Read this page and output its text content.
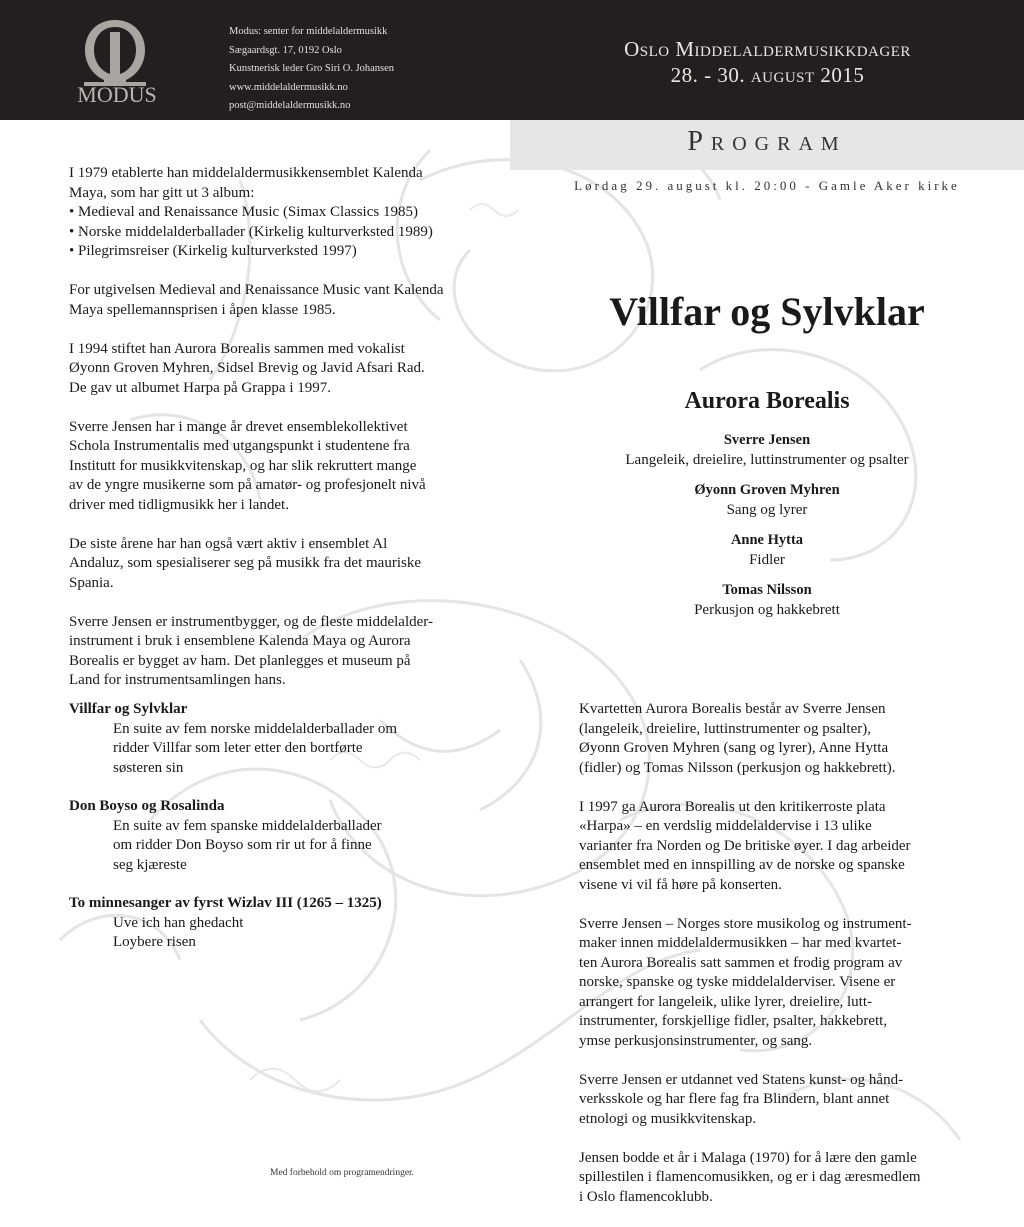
MODUS
Modus: senter for middelaldermusikk
Sægaardsgt. 17, 0192 Oslo
Kunstnerisk leder Gro Siri O. Johansen
www.middelaldermusikk.no
post@middelaldermusikk.no
Oslo Middelaldermusikkdager
28. - 30. august 2015
Program
Lørdag 29. august kl. 20:00 - Gamle Aker kirke
Villfar og Sylvklar
Aurora Borealis
Sverre Jensen
Langeleik, dreielire, luttinstrumenter og psalter
Øyonn Groven Myhren
Sang og lyrer
Anne Hytta
Fidler
Tomas Nilsson
Perkusjon og hakkebrett

I 1979 etablerte han middelaldermusikkensemblet Kalenda
Maya, som har gitt ut 3 album:
• Medieval and Renaissance Music (Simax Classics 1985)
• Norske middelalderballader (Kirkelig kulturverksted 1989)
• Pilegrimsreiser (Kirkelig kulturverksted 1997)

For utgivelsen Medieval and Renaissance Music vant Kalenda
Maya spellemannsprisen i åpen klasse 1985.

I 1994 stiftet han Aurora Borealis sammen med vokalist
Øyonn Groven Myhren, Sidsel Brevig og Javid Afsari Rad.
De gav ut albumet Harpa på Grappa i 1997.

Sverre Jensen har i mange år drevet ensemblekollektivet
Schola Instrumentalis med utgangspunkt i studentene fra
Institutt for musikkvitenskap, og har slik rekruttert mange
av de yngre musikerne som på amatør- og profesjonelt nivå
driver med tidligmusikk her i landet.

De siste årene har han også vært aktiv i ensemblet Al
Andaluz, som spesialiserer seg på musikk fra det mauriske
Spania.

Sverre Jensen er instrumentbygger, og de fleste middelalder-
instrument i bruk i ensemblene Kalenda Maya og Aurora
Borealis er bygget av ham. Det planlegges et museum på
Land for instrumentsamlingen hans.

Villfar og Sylvklar
En suite av fem norske middelalderballader om
ridder Villfar som leter etter den bortførte
søsteren sin
Don Boyso og Rosalinda
En suite av fem spanske middelalderballader
om ridder Don Boyso som rir ut for å finne
seg kjæreste
To minnesanger av fyrst Wizlav III (1265 – 1325)
Uve ich han ghedacht
Loybere risen

Kvartetten Aurora Borealis består av Sverre Jensen
(langeleik, dreielire, luttinstrumenter og psalter),
Øyonn Groven Myhren (sang og lyrer), Anne Hytta
(fidler) og Tomas Nilsson (perkusjon og hakkebrett).

I 1997 ga Aurora Borealis ut den kritikerroste plata
«Harpa» – en verdslig middelaldervise i 13 ulike
varianter fra Norden og De britiske øyer. I dag arbeider
ensemblet med en innspilling av de norske og spanske
visene vi vil få høre på konserten.

Sverre Jensen – Norges store musikolog og instrument-
maker innen middelaldermusikken – har med kvartet-
ten Aurora Borealis satt sammen et frodig program av
norske, spanske og tyske middelalderviser. Visene er
arrangert for langeleik, ulike lyrer, dreielire, lutt-
instrumenter, forskjellige fidler, psalter, hakkebrett,
ymse perkusjonsinstrumenter, og sang.

Sverre Jensen er utdannet ved Statens kunst- og hånd-
verksskole og har flere fag fra Blindern, blant annet
etnologi og musikkvitenskap.

Jensen bodde et år i Malaga (1970) for å lære den gamle
spillestilen i flamencomusikken, og er i dag æresmedlem
i Oslo flamencoklubb.

Med forbehold om programendringer.
